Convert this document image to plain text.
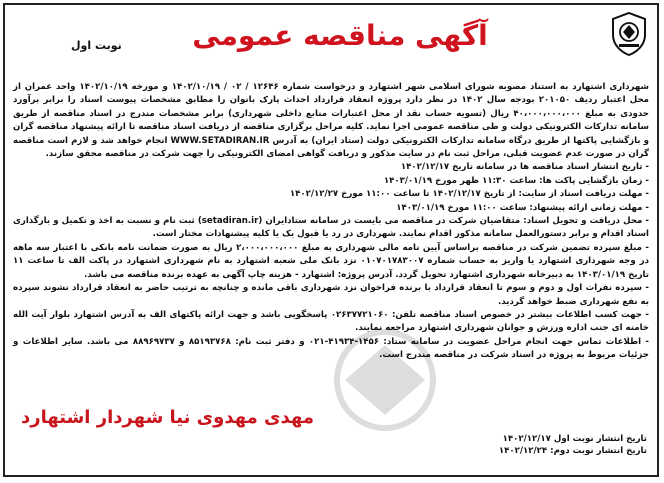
نوبت اول	آگهی مناقصه عمومی

شهرداری اشتهارد به استناد مصوبه شورای اسلامی شهر اشتهارد و درخواست شماره ۱۲۶۴۶ / ۰۲ / ۱۴۰۲/۱۰/۱۹ و مورخه ۱۴۰۲/۱۰/۱۹ واحد عمران از محل اعتبار ردیف ۲۰۱۰۵۰ بودجه سال ۱۴۰۲ در نظر دارد پروژه انعقاد قرارداد احداث پارک بانوان را مطابق مشخصات پیوست اسناد را برابر برآورد حدودی به مبلغ ۴۰،۰۰۰،۰۰۰،۰۰۰ ریال (تسویه حساب نقد از محل اعتبارات منابع داخلی شهرداری) برابر مشخصات مندرج در اسناد مناقصه از طریق سامانه تدارکات الکترونیکی دولت و طی مناقصه عمومی اجرا نماید. کلیه مراحل برگزاری مناقصه از دریافت اسناد مناقصه تا ارائه پیشنهاد مناقصه گران و بازگشایی پاکتها از طریق درگاه سامانه تدارکات الکترونیکی دولت (ستاد ایران) به آدرس WWW.SETADIRAN.IR انجام خواهد شد و لازم است مناقصه گران در صورت عدم عضویت قبلی، مراحل ثبت نام در سایت مذکور و دریافت گواهی امضای الکترونیکی را جهت شرکت در مناقصه محقق سازند.

- تاریخ انتشار اسناد مناقصه ها در سامانه تاریخ ۱۴۰۲/۱۲/۱۷

- زمان بازگشایی پاکت ها: ساعت ۱۱:۳۰ ظهر مورخ ۱۴۰۳/۰۱/۱۹

- مهلت دریافت اسناد از سایت: از تاریخ ۱۴۰۲/۱۲/۱۷ تا ساعت ۱۱:۰۰ مورخ ۱۴۰۲/۱۲/۲۷

- مهلت زمانی ارائه پیشنهاد: ساعت ۱۱:۰۰ مورخ ۱۴۰۳/۰۱/۱۹

- محل دریافت و تحویل اسناد: متقاضیان شرکت در مناقصه می بایست در سامانه ستادایران (setadiran.ir) ثبت نام و نسبت به اخذ و تکمیل و بارگذاری اسناد اقدام و برابر دستورالعمل سامانه مذکور اقدام نمایند. شهرداری در رد یا قبول یک یا کلیه پیشنهادات مختار است.

- مبلغ سپرده تضمین شرکت در مناقصه براساس آیین نامه مالی شهرداری به مبلغ ۲،۰۰۰،۰۰۰،۰۰۰ ریال به صورت ضمانت نامه بانکی با اعتبار سه ماهه در وجه شهرداری اشتهارد یا واریز به حساب شماره ۰۱۰۷۰۱۷۸۳۰۰۷ نزد بانک ملی شعبه اشتهارد به نام شهرداری اشتهارد در پاکت الف تا ساعت ۱۱ تاریخ ۱۴۰۳/۰۱/۱۹ به دبیرخانه شهرداری اشتهارد تحویل گردد. آدرس پروژه: اشتهارد - هزینه چاپ آگهی به عهده برنده مناقصه می باشد.

- سپرده نفرات اول و دوم و سوم تا انعقاد قرارداد با برنده فراخوان نزد شهرداری باقی مانده و چنانچه به ترتیب حاضر به انعقاد قرارداد نشوند سپرده به نفع شهرداری ضبط خواهد گردید.

- جهت کسب اطلاعات بیشتر در خصوص اسناد مناقصه تلفن: ۰۲۶۳۷۷۲۱۰۶۰ پاسخگویی باشد و جهت ارائه پاکتهای الف به آدرس اشتهارد بلوار آیت الله خامنه ای جنب اداره ورزش و جوانان شهرداری اشتهارد مراجعه نمایند.

- اطلاعات تماس جهت انجام مراحل عضویت در سامانه ستاد: ۱۴۵۶-۴۱۹۳۴-۰۲۱ و دفتر ثبت نام: ۸۵۱۹۳۷۶۸ و ۸۸۹۶۹۷۳۷ می باشد. سایر اطلاعات و جزئیات مربوط به پروژه در اسناد شرکت در مناقصه مندرج است.

مهدی مهدوی نیا شهردار اشتهارد
تاریخ انتشار نوبت اول ۱۴۰۲/۱۲/۱۷
تاریخ انتشار نوبت دوم: ۱۴۰۲/۱۲/۲۴
